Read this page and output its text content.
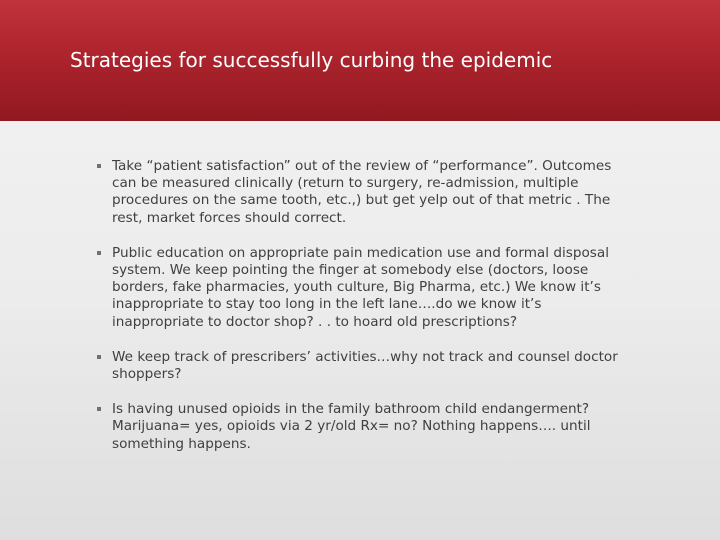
Strategies for successfully curbing the epidemic
Take “patient satisfaction” out of the review of “performance”. Outcomes can be measured clinically (return to surgery, re-admission, multiple procedures on the same tooth, etc.,) but get yelp out of that metric . The rest, market forces should correct.
Public education on appropriate pain medication use and formal disposal system. We keep pointing the finger at somebody else (doctors, loose borders, fake pharmacies, youth culture, Big Pharma, etc.) We know it’s inappropriate to stay too long in the left lane….do we know it’s inappropriate to doctor shop? . . to hoard old prescriptions?
We keep track of prescribers’ activities…why not track and counsel doctor shoppers?
Is having unused opioids in the family bathroom child endangerment? Marijuana= yes, opioids via 2 yr/old Rx= no? Nothing happens…. until something happens.
